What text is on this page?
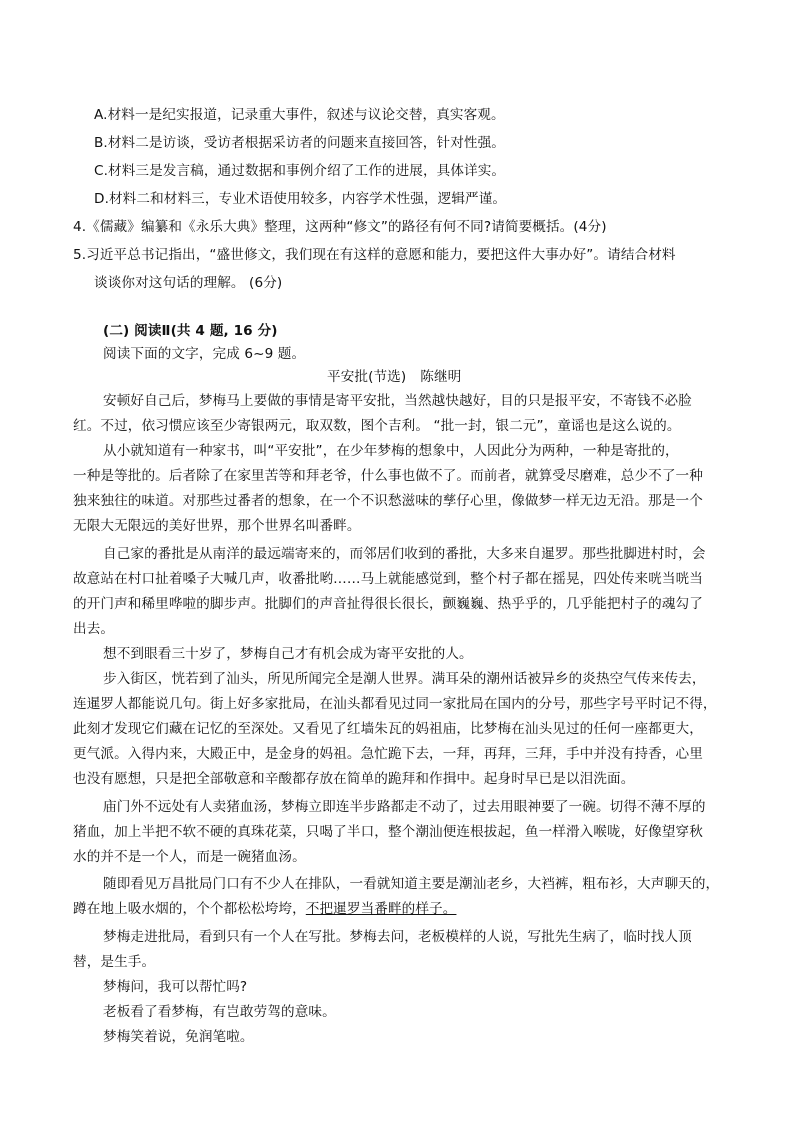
A.材料一是纪实报道，记录重大事件，叙述与议论交替，真实客观。
B.材料二是访谈，受访者根据采访者的问题来直接回答，针对性强。
C.材料三是发言稿，通过数据和事例介绍了工作的进展，具体详实。
D.材料二和材料三，专业术语使用较多，内容学术性强，逻辑严谨。
4.《儒藏》编纂和《永乐大典》整理，这两种“修文”的路径有何不同?请简要概括。(4分)
5.习近平总书记指出，“盛世修文，我们现在有这样的意愿和能力，要把这件大事办好”。请结合材料
谈谈你对这句话的理解。 (6分)
(二) 阅读Ⅱ(共 4 题, 16 分)
阅读下面的文字，完成 6~9 题。
平安批(节选) 陈继明
安顿好自己后，梦梅马上要做的事情是寄平安批，当然越快越好，目的只是报平安，不寄钱不必脸
红。不过，依习惯应该至少寄银两元，取双数，图个吉利。 “批一封，银二元”，童谣也是这么说的。
从小就知道有一种家书，叫“平安批”，在少年梦梅的想象中，人因此分为两种，一种是寄批的，
一种是等批的。后者除了在家里苦等和拜老爷，什么事也做不了。而前者，就算受尽磨难，总少不了一种
独来独往的味道。对那些过番者的想象，在一个不识愁滋味的孳仔心里，像做梦一样无边无沿。那是一个
无限大无限远的美好世界，那个世界名叫番畔。
自己家的番批是从南洋的最远端寄来的，而邻居们收到的番批，大多来自暹罗。那些批脚进村时，会
故意站在村口扯着嗓子大喊几声，收番批哟……马上就能感觉到，整个村子都在摇晃，四处传来咣当咣当
的开门声和稀里哗啦的脚步声。批脚们的声音扯得很长很长，颤巍巍、热乎乎的，几乎能把村子的魂勾了
出去。
想不到眼看三十岁了，梦梅自己才有机会成为寄平安批的人。
步入街区，恍若到了汕头，所见所闻完全是潮人世界。满耳朵的潮州话被异乡的炎热空气传来传去，
连暹罗人都能说几句。街上好多家批局，在汕头都看见过同一家批局在国内的分号，那些字号平时记不得，
此刻才发现它们藏在记忆的至深处。又看见了红墙朱瓦的妈祖庙，比梦梅在汕头见过的任何一座都更大，
更气派。入得内来，大殿正中，是金身的妈祖。急忙跪下去，一拜，再拜，三拜，手中并没有持香，心里
也没有愿想，只是把全部敬意和辛酸都存放在简单的跪拜和作揖中。起身时早已是以泪洗面。
庙门外不远处有人卖猪血汤，梦梅立即连半步路都走不动了，过去用眼神要了一碗。切得不薄不厚的
猪血，加上半把不软不硬的真珠花菜，只喝了半口，整个潮汕便连根拔起，鱼一样滑入喉咙，好像望穿秋
水的并不是一个人，而是一碗猪血汤。
随即看见万昌批局门口有不少人在排队，一看就知道主要是潮汕老乡，大裆裤，粗布衫，大声聊天的，
蹲在地上吸水烟的，个个都松松垮垮，不把暹罗当番畔的样子。
梦梅走进批局，看到只有一个人在写批。梦梅去问，老板模样的人说，写批先生病了，临时找人顶
替，是生手。
梦梅问，我可以帮忙吗?
老板看了看梦梅，有岂敢劳驾的意味。
梦梅笑着说，免润笔啦。
